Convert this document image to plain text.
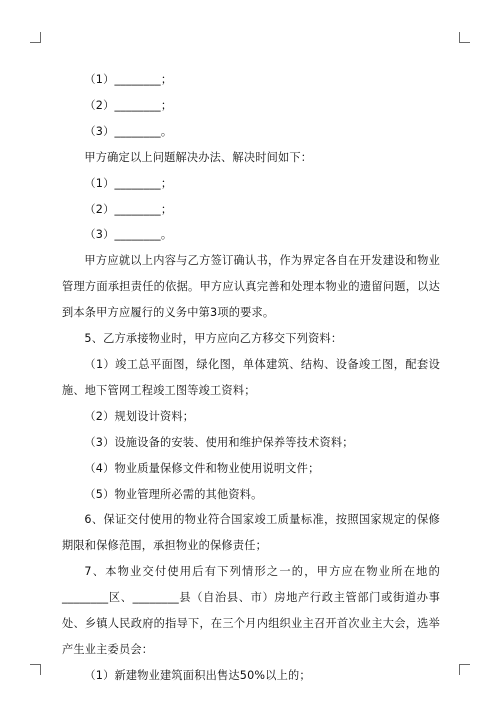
（1）________；

（2）________；

（3）________。

甲方确定以上问题解决办法、解决时间如下：

（1）________；

（2）________；

（3）________。

甲方应就以上内容与乙方签订确认书，作为界定各自在开发建设和物业管理方面承担责任的依据。甲方应认真完善和处理本物业的遗留问题，以达到本条甲方应履行的义务中第3项的要求。

5、乙方承接物业时，甲方应向乙方移交下列资料：

（1）竣工总平面图，绿化图，单体建筑、结构、设备竣工图，配套设施、地下管网工程竣工图等竣工资料；

（2）规划设计资料；

（3）设施设备的安装、使用和维护保养等技术资料；

（4）物业质量保修文件和物业使用说明文件；

（5）物业管理所必需的其他资料。

6、保证交付使用的物业符合国家竣工质量标准，按照国家规定的保修期限和保修范围，承担物业的保修责任；

7、本物业交付使用后有下列情形之一的，甲方应在物业所在地的________区、________县（自治县、市）房地产行政主管部门或街道办事处、乡镇人民政府的指导下，在三个月内组织业主召开首次业主大会，选举产生业主委员会：

（1）新建物业建筑面积出售达50%以上的；
